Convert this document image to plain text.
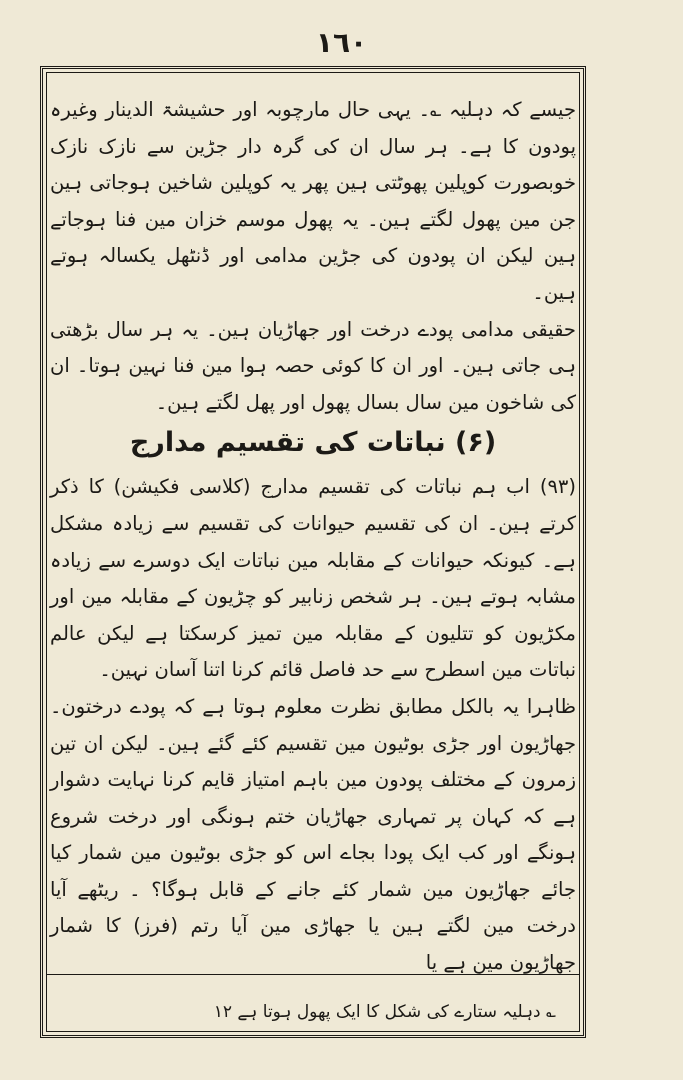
١٦٠

جیسے کہ دہلیہ ؎۔ یہی حال مارچوبہ اور حشیشۃ الدینار وغیرہ پودون کا ہے۔ ہر سال ان کی گرہ دار جڑین سے نازک نازک خوبصورت کوپلین پھوٹتی ہین پھر یہ کوپلین شاخین ہوجاتی ہین جن مین پھول لگتے ہین۔ یہ پھول موسم خزان مین فنا ہوجاتے ہین لیکن ان پودون کی جڑین مدامی اور ڈنٹھل یکسالہ ہوتے ہین۔

حقیقی مدامی پودے درخت اور جھاڑیان ہین۔ یہ ہر سال بڑھتی ہی جاتی ہین۔ اور ان کا کوئی حصہ ہوا مین فنا نہین ہوتا۔ ان کی شاخون مین سال بسال پھول اور پھل لگتے ہین۔

(۶) نباتات کی تقسیم مدارج

(۹۳) اب ہم نباتات کی تقسیم مدارج (کلاسی فکیشن) کا ذکر کرتے ہین۔ ان کی تقسیم حیوانات کی تقسیم سے زیادہ مشکل ہے۔ کیونکہ حیوانات کے مقابلہ مین نباتات ایک دوسرے سے زیادہ مشابہ ہوتے ہین۔ ہر شخص زنابیر کو چڑیون کے مقابلہ مین اور مکڑیون کو تتلیون کے مقابلہ مین تمیز کرسکتا ہے لیکن عالم نباتات مین اسطرح سے حد فاصل قائم کرنا اتنا آسان نہین۔

ظاہرا یہ بالکل مطابق نظرت معلوم ہوتا ہے کہ پودے درختون۔ جھاڑیون اور جڑی بوٹیون مین تقسیم کئے گئے ہین۔ لیکن ان تین زمرون کے مختلف پودون مین باہم امتیاز قایم کرنا نہایت دشوار ہے کہ کہان پر تمہاری جھاڑیان ختم ہونگی اور درخت شروع ہونگے اور کب ایک پودا بجاے اس کو جڑی بوٹیون مین شمار کیا جائے جھاڑیون مین شمار کئے جانے کے قابل ہوگا؟ ۔ ریٹھے آیا درخت مین لگتے ہین یا جھاڑی مین آیا رتم (فرز) کا شمار جھاڑیون مین ہے یا

؎ دہلیہ ستارے کی شکل کا ایک پھول ہوتا ہے ۱۲
